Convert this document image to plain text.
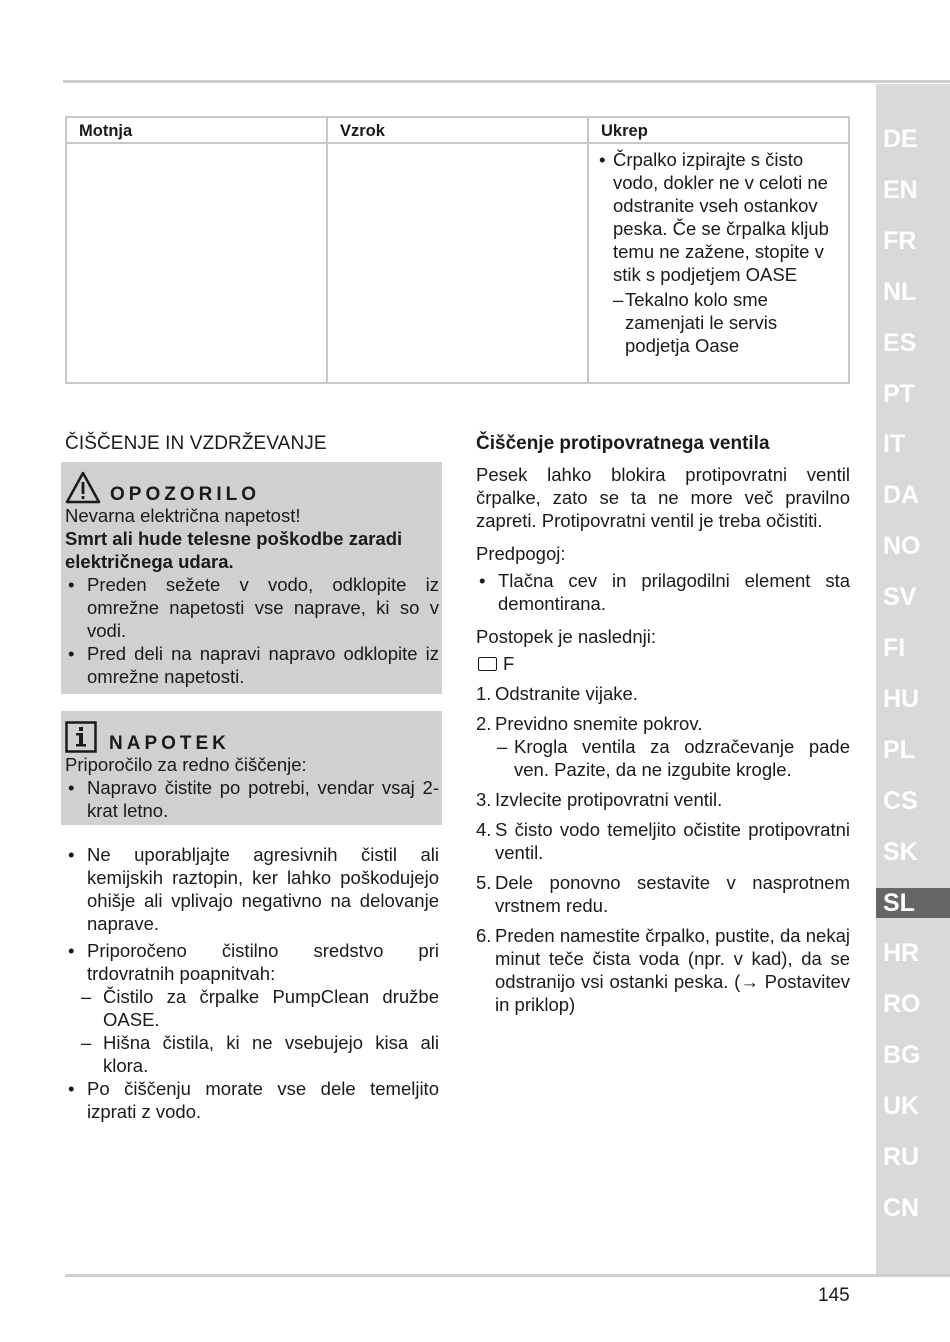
Motnja	Vzrok	Ukrep
• Črpalko izpirajte s čisto vodo, dokler ne v celoti ne odstranite vseh ostankov peska. Če se črpalka kljub temu ne zažene, stopite v stik s podjetjem OASE
– Tekalno kolo sme zamenjati le servis podjetja Oase
ČIŠČENJE IN VZDRŽEVANJE
OPOZORILO
Nevarna električna napetost!
Smrt ali hude telesne poškodbe zaradi električnega udara.
• Preden sežete v vodo, odklopite iz omrežne napetosti vse naprave, ki so v vodi.
• Pred deli na napravi napravo odklopite iz omrežne napetosti.
NAPOTEK
Priporočilo za redno čiščenje:
• Napravo čistite po potrebi, vendar vsaj 2-krat letno.
• Ne uporabljajte agresivnih čistil ali kemijskih raztopin, ker lahko poškodujejo ohišje ali vplivajo negativno na delovanje naprave.
• Priporočeno čistilno sredstvo pri trdovratnih poapnitvah:
– Čistilo za črpalke PumpClean družbe OASE.
– Hišna čistila, ki ne vsebujejo kisa ali klora.
• Po čiščenju morate vse dele temeljito izprati z vodo.
Čiščenje protipovratnega ventila
Pesek lahko blokira protipovratni ventil črpalke, zato se ta ne more več pravilno zapreti. Protipovratni ventil je treba očistiti.
Predpogoj:
• Tlačna cev in prilagodilni element sta demontirana.
Postopek je naslednji:
F
1. Odstranite vijake.
2. Previdno snemite pokrov.
– Krogla ventila za odzračevanje pade ven. Pazite, da ne izgubite krogle.
3. Izvlecite protipovratni ventil.
4. S čisto vodo temeljito očistite protipovratni ventil.
5. Dele ponovno sestavite v nasprotnem vrstnem redu.
6. Preden namestite črpalko, pustite, da nekaj minut teče čista voda (npr. v kad), da se odstranijo vsi ostanki peska. (→ Postavitev in priklop)
DE
EN
FR
NL
ES
PT
IT
DA
NO
SV
FI
HU
PL
CS
SK
SL
HR
RO
BG
UK
RU
CN
145
